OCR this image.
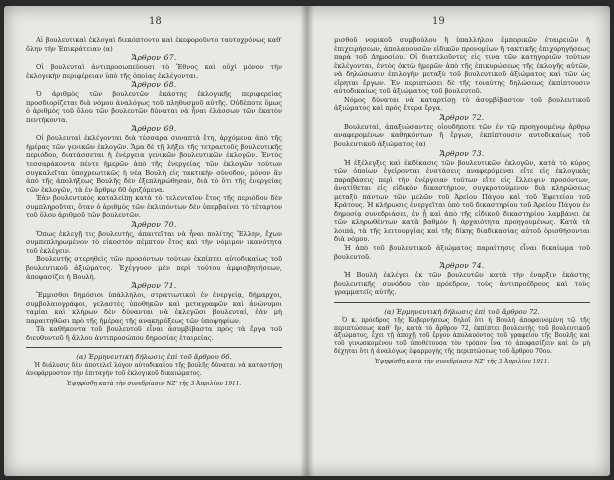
18

Αἱ βουλευτικαὶ ἐκλογαὶ διεκόπτοντο καὶ ἐκεφοροῦντο ταυτοχρόνως καθ' ὅλην τὴν Ἐπικράτειαν (α)

Ἄρθρον 67.

Οἱ βουλευταὶ ἀντιπροσωπεύουσι τὸ Ἔθνος καὶ οὐχὶ μόνον τὴν ἐκλογικὴν περιφέρειαν ὑπὸ τῆς ὁποίας ἐκλέγονται.

Ἄρθρον 68.

Ὁ ἀριθμὸς τῶν βουλευτῶν ἑκάστης ἐκλογικῆς περιφερείας προσδιορίζεται διὰ νόμου ἀναλόγως τοῦ πληθυσμοῦ αὐτῆς. Οὐδέποτε ὅμως ὁ ἀριθμὸς τοῦ ὅλου τῶν βουλευτῶν δύναται νὰ ἦναι ἐλάσσων τῶν ἑκατὸν πεντήκοντα.

Ἄρθρον 69.

Οἱ βουλευταὶ ἐκλέγονται διὰ τέσσαρα συναπτὰ ἔτη, ἀρχόμενα ἀπὸ τῆς ἡμέρας τῶν γενικῶν ἐκλογῶν. Ἅμα δὲ τῇ λήξει τῆς τετραετοῦς βουλευτικῆς περιόδου, διατάσσεται ἡ ἐνέργεια γενικῶν βουλευτικῶν ἐκλογῶν. Ἐντὸς τεσσαράκοντα πέντε ἡμερῶν ἀπὸ τῆς ἐνεργείας τῶν ἐκλογῶν τούτων συγκαλεῖται ὑποχρεωτικῶς ἡ νέα Βουλὴ εἰς τακτικὴν σύνοδον, μόνον ἂν ἀπὸ τῆς ἀπολήξεως Βουλῆς δὲν ἐξεπληρώθησαν, διὰ τὸ ὅτι τῆς ἐνεργείας τῶν ἐκλογῶν, τὰ ἐν ἄρθρῳ 60 ὁριζόμενα.

Ἐὰν βουλευτικὸς καταλείπῃ κατὰ τὸ τελευταῖον ἔτος τῆς περιόδου δὲν συμπληροῦται, ὅταν ὁ ἀριθμὸς τῶν ἐκλιπόντων δὲν ὑπερβαίνει τὸ τέταρτον τοῦ ὅλου ἀριθμοῦ τῶν βουλευτῶν.

Ἄρθρον 70.

Ὅπως ἐκλεγῇ τις βουλευτής, ἀπαιτεῖται νὰ ἦναι πολίτης Ἕλλην, ἔχων συμπεπληρωμένον τὸ εἰκοστὸν πέμπτον ἔτος καὶ τὴν νόμιμον ικανότητα τοῦ ἐκλέγειν.

Βουλευτὴς στερηθεὶς τῶν προσόντων τούτων ἐκπίπτει αὐτοδικαίως τοῦ βουλευτικοῦ ἀξιώματος. Ἐχέγγυον μὲν περὶ τούτου ἀμφισβητήσεων, ἀποφασίζει ἡ Βουλή.

Ἄρθρον 71.

Ἔμμισθοι δημόσιοι ὑπάλληλοι, στρατιωτικοὶ ἐν ἐνεργείᾳ, δήμαρχοι, συμβολαιογράφοι, γελαστὲς ὑποθηκῶν καὶ μεταγραφῶν καὶ ἀνώνυμοι ταμίαι καὶ κλήρων δὲν δύνανται νὰ ἐκλεγῶσι βουλευταί, ἐὰν μὴ παραιτηθῶσι πρὸ τῆς ἡμέρας τῆς ανακηρύξεως τῶν ὑποψηφίων.

Τὰ καθήκοντα τοῦ βουλευτοῦ εἶναι ἀσυμβίβαστα πρὸς τὰ ἔργα τοῦ διευθυντοῦ ἢ ἄλλου ἀντιπροσώπου δημοσίας ἑταιρείας.

(α) Ἑρμηνευτικὴ δήλωσις ἐπὶ τοῦ ἄρθρου 66.
Ἡ διάλυσις δὲν ἀποτελεῖ λόγον αὐτοδικαίου τῆς βουλῆς δύναται νὰ καταστήσῃ ἀνεφάρμοστον τὴν ἐπιταγὴν τοῦ ἐκλογικοῦ δικαιώματος.
Ἐψηφίσθη κατὰ τὴν συνεδρίασιν ΝΖ' τῆς 3 Ἀπριλίου 1911.
19

μισθοῦ νομικοῦ συμβούλου ἢ ὑπαλλήλου ἐμπορικῶν ἑταιρειῶν ἢ ἐπιχειρήσεων, ἀπολαυουσῶν εἰδικῶν προνομίων ἢ τακτικῆς ἐπιχορηγήσεως παρὰ τοῦ Δημοσίου. Οἱ διατελοῦντες εἰς τινα τῶν κατηγοριῶν τούτων ἐκλέγονται, ἐντὸς ὀκτὼ ἡμερῶν ἀπὸ τῆς ἐπικυρώσεως τῆς ἐκλογῆς αὐτῶν, νὰ δηλώσωσιν ἐπιλογὴν μεταξὺ τοῦ βουλευτικοῦ ἀξιώματος καὶ τῶν ὡς εἴρηται ἔργων. Ἐν περιπτώσει δὲ τῆς τοιαύτης δηλώσεως ἐκπίπτουσιν αὐτοδικαίως τοῦ ἀξιώματος τοῦ βουλευτοῦ.

Νόμος δύναται νὰ καταρτίσῃ τὸ ἀσυμβίβαστον τοῦ βουλευτικοῦ ἀξιώματος καὶ πρὸς ἕτερα ἔργα.

Ἄρθρον 72.

Βουλευταί, ἀπαξιώσαντες οἱουδήποτε τῶν ἐν τῷ προηγουμένῳ ἄρθρῳ αναφερομένων καθηκόντων ἢ ἔργων, ἐκπίπτουσιν αυτοδικαίως τοῦ βουλευτικοῦ ἀξιώματος (α)

Ἄρθρον 73.

Ἡ ἐξέλεγξις καὶ ἐκδίκασις τῶν βουλευτικῶν ἐκλογῶν, κατὰ τὸ κύρος τῶν ὁποίων ἐγείρονται ἐνστάσεις αναφερόμεναι εἴτε εἰς ἐκλογικὰς παραβάσεις περὶ τὴν ἐνέργειαν τούτων εἴτε εἰς ἔλλειψιν προσόντων, ἀνατίθεται εἰς εἰδικὸν δικαστήριον, συγκροτούμενον διὰ κληρώσεως μεταξὺ πάντων τῶν μελῶν τοῦ Ἀρείου Πάγου καὶ τοῦ Ἐφετείου τοῦ Κράτους. Ἡ κλήρωσις ἐνεργεῖται ὑπὸ τοῦ δικαστηρίου τοῦ Ἀρείου Πάγου ἐν δημοσίᾳ συνεδριάσει, ἐν ᾗ καὶ ἀπὸ τῆς εἰδικοῦ δικαστηρίου λαμβάνει ἐκ τῶν κληρωθέντων κατὰ βαθμὸν ἢ ἀρχαιότητα προηγουμένως. Κατὰ τὰ λοιπά, τὰ τῆς λειτουργίας καὶ τῆς δίκης διαδικασίας αὐτοῦ ὁρισθήσονται διὰ νόμου.

Ἡ ἀπὸ τοῦ βουλευτικοῦ ἀξιώματος παραίτησις εἶναι δικαίωμα τοῦ βουλευτοῦ.

Ἄρθρον 74.

Ἡ Βουλὴ ἐκλέγει ἐκ τῶν βουλευτῶν κατὰ τὴν ἐναρξιν ἑκάστης βουλευτικῆς συνόδου τὸν πρόεδρον, τοὺς ἀντιπροέδρους καὶ τοὺς γραμματεῖς αὐτῆς.

(α) Ἑρμηνευτικὴ δήλωσις ἐπὶ τοῦ ἄρθρου 72.
Ὁ κ. πρόεδρος τῆς Κυβερνήσεως δηλοῖ ὅτι ἡ Βουλὴ ἀποφαινομένη τῷ τῆς περιπτώσεως καθ' ἣν, κατὰ τὸ ἄρθρον 72, ἐκπίπτει βουλευτὴς τοῦ βουλευτικοῦ ἀξιώματος, ἔχει τῇ ἀποχῇ τοῦ ἔργου ἀπολαυόντος τοῦ γραφείου τῆς Βουλῆς καὶ τοῦ γινωσκομένου τοῦ ὑποθέτουσα τὸν τρόπον ἵνα τὸ ἀποφασίζειν καὶ ἐν μὴ δέχηται ὅτι ἡ ἀναλόγως ἐφαρμογὴς τῆς περιπτώσεως τοῦ ἄρθρου 70ου.
Ἐψηφίσθη κατὰ τὴν συνεδρίασιν ΝΖ' τῆς 3 Ἀπριλίου 1911.
